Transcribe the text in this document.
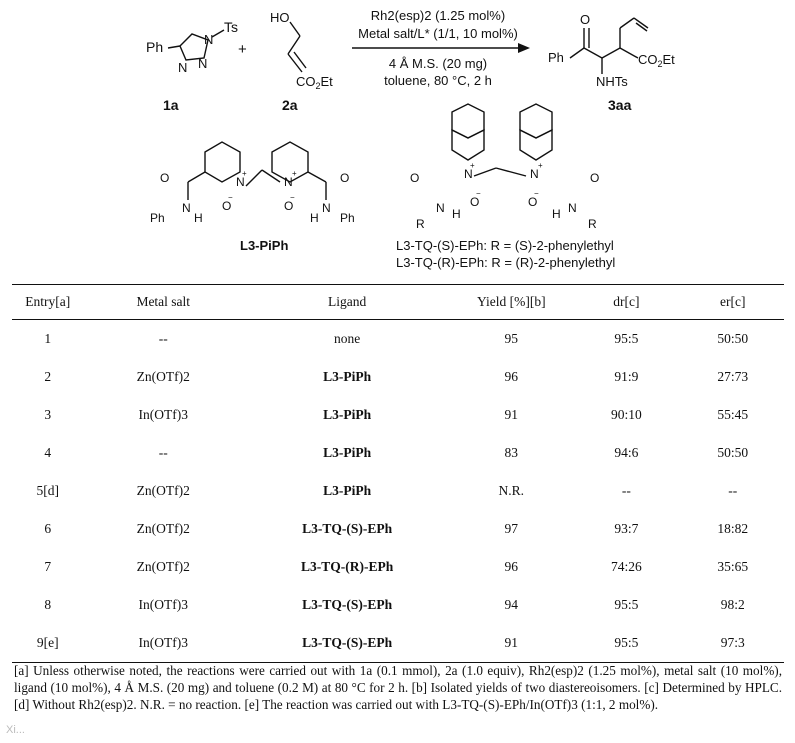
Ph	N
Ts
N
N
1a
+
HO
$CO_2Et$
2a
Rh2(esp)2 (1.25 mol%)
Metal salt/L* (1/1, 10 mol%)
4 Å M.S. (20 mg)
toluene, 80 °C, 2 h
Ph
O
NHTs
$CO_2Et$
3aa
N
+
N
+
O
N
Ph H
O
−
O
N
Ph
H
O
−
L3-PiPh
N
+
N
+
O
N
R
H
O
−
O
N
R
H
O
−
L3-TQ-(S)-EPh: R = (S)-2-phenylethyl
L3-TQ-(R)-EPh: R = (R)-2-phenylethyl
Entry[a]	Metal salt	Ligand	Yield [%][b]	dr[c]	er[c]
1	--	none	95	95:5	50:50
2	Zn(OTf)2	L3-PiPh	96	91:9	27:73
3	In(OTf)3	L3-PiPh	91	90:10	55:45
4	--	L3-PiPh	83	94:6	50:50
5[d]	Zn(OTf)2	L3-PiPh	N.R.	--	--
6	Zn(OTf)2	L3-TQ-(S)-EPh	97	93:7	18:82
7	Zn(OTf)2	L3-TQ-(R)-EPh	96	74:26	35:65
8	In(OTf)3	L3-TQ-(S)-EPh	94	95:5	98:2
9[e]	In(OTf)3	L3-TQ-(S)-EPh	91	95:5	97:3
[a] Unless otherwise noted, the reactions were carried out with 1a (0.1 mmol), 2a (1.0 equiv), Rh2(esp)2 (1.25 mol%), metal salt (10 mol%), ligand (10 mol%), 4 Å M.S. (20 mg) and toluene (0.2 M) at 80 °C for 2 h. [b] Isolated yields of two diastereoisomers. [c] Determined by HPLC. [d] Without Rh2(esp)2. N.R. = no reaction. [e] The reaction was carried out with L3-TQ-(S)-EPh/In(OTf)3 (1:1, 2 mol%).
Xi...
